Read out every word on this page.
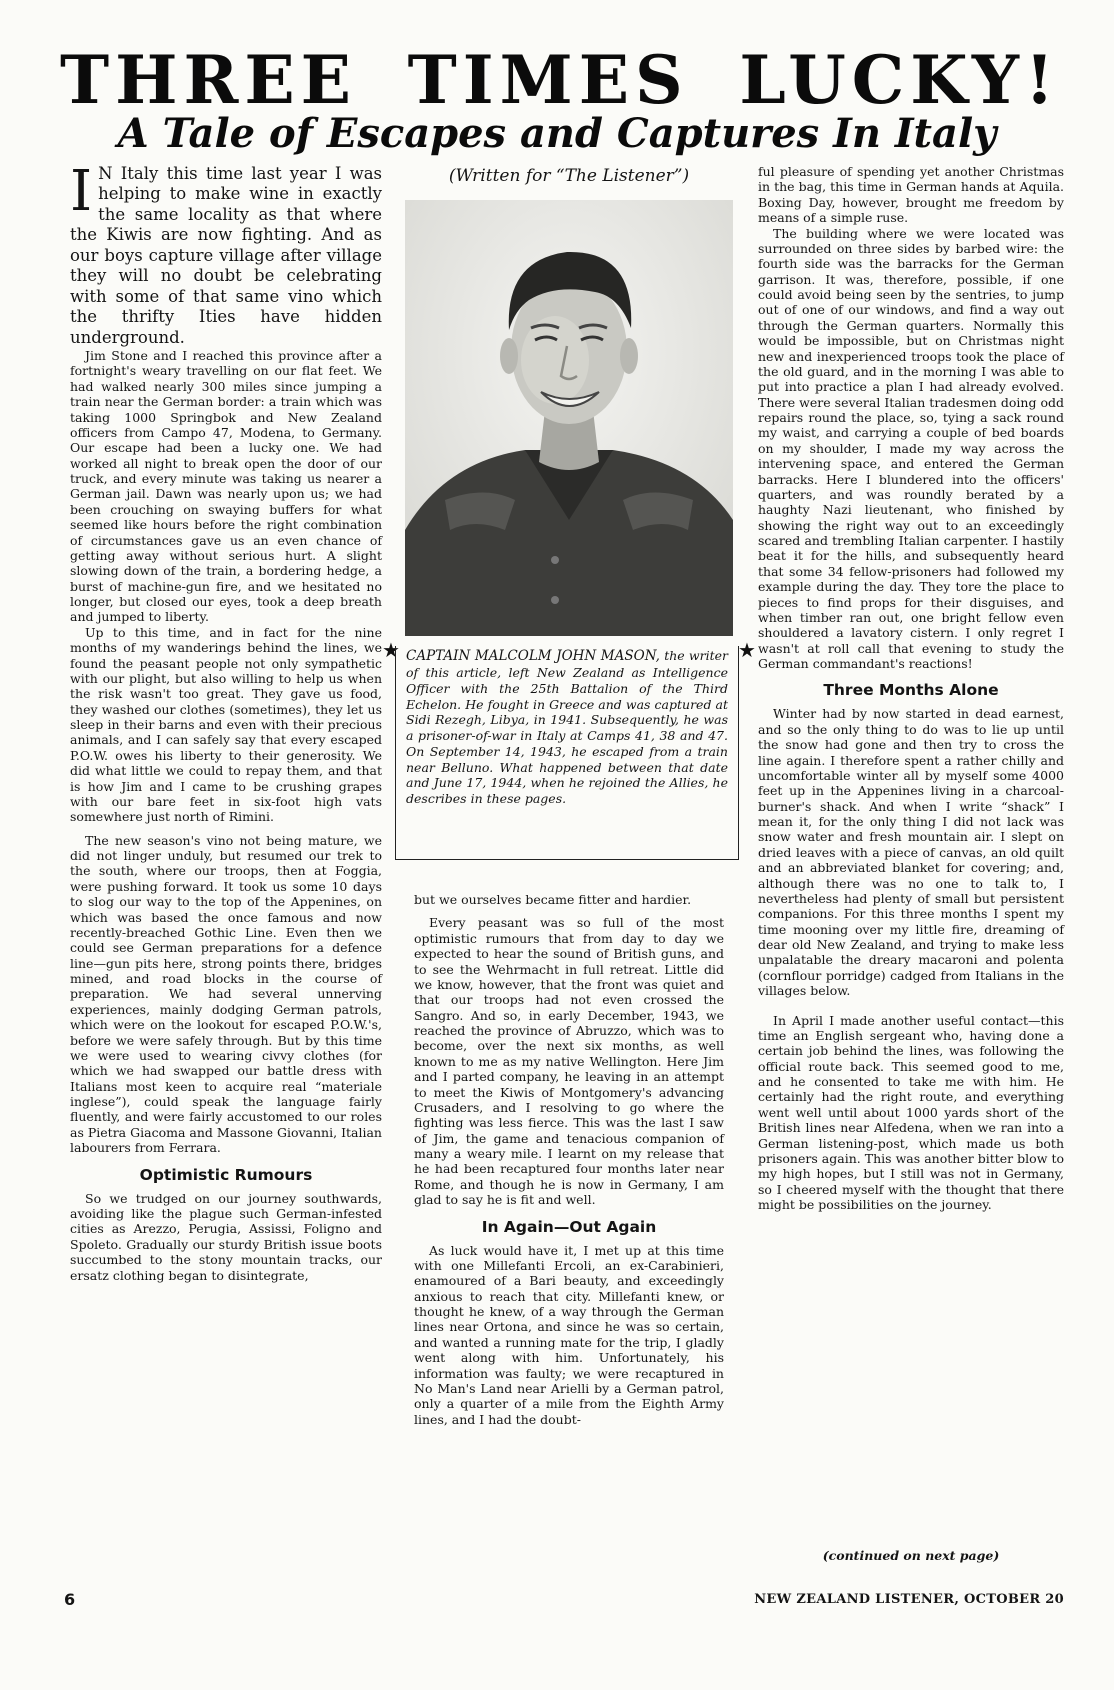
THREE TIMES LUCKY!
A Tale of Escapes and Captures In Italy

I N Italy this time last year I was helping to make wine in exactly the same locality as that where the Kiwis are now fighting. And as our boys capture village after village they will no doubt be celebrating with some of that same vino which the thrifty Ities have hidden underground.

Jim Stone and I reached this province after a fortnight's weary travelling on our flat feet. We had walked nearly 300 miles since jumping a train near the German border: a train which was taking 1000 Springbok and New Zealand officers from Campo 47, Modena, to Germany. Our escape had been a lucky one. We had worked all night to break open the door of our truck, and every minute was taking us nearer a German jail. Dawn was nearly upon us; we had been crouching on swaying buffers for what seemed like hours before the right combination of circumstances gave us an even chance of getting away without serious hurt. A slight slowing down of the train, a bordering hedge, a burst of machine-gun fire, and we hesitated no longer, but closed our eyes, took a deep breath and jumped to liberty.

Up to this time, and in fact for the nine months of my wanderings behind the lines, we found the peasant people not only sympathetic with our plight, but also willing to help us when the risk wasn't too great. They gave us food, they washed our clothes (sometimes), they let us sleep in their barns and even with their precious animals, and I can safely say that every escaped P.O.W. owes his liberty to their generosity. We did what little we could to repay them, and that is how Jim and I came to be crushing grapes with our bare feet in six-foot high vats somewhere just north of Rimini.

The new season's vino not being mature, we did not linger unduly, but resumed our trek to the south, where our troops, then at Foggia, were pushing forward. It took us some 10 days to slog our way to the top of the Appenines, on which was based the once famous and now recently-breached Gothic Line. Even then we could see German preparations for a defence line—gun pits here, strong points there, bridges mined, and road blocks in the course of preparation. We had several unnerving experiences, mainly dodging German patrols, which were on the lookout for escaped P.O.W.'s, before we were safely through. But by this time we were used to wearing civvy clothes (for which we had swapped our battle dress with Italians most keen to acquire real “materiale inglese”), could speak the language fairly fluently, and were fairly accustomed to our roles as Pietra Giacoma and Massone Giovanni, Italian labourers from Ferrara.

Optimistic Rumours

So we trudged on our journey southwards, avoiding like the plague such German-infested cities as Arezzo, Perugia, Assissi, Foligno and Spoleto. Gradually our sturdy British issue boots succumbed to the stony mountain tracks, our ersatz clothing began to disintegrate,

(Written for “The Listener”)
★	★
CAPTAIN MALCOLM JOHN MASON, the writer of this article, left New Zealand as Intelligence Officer with the 25th Battalion of the Third Echelon. He fought in Greece and was captured at Sidi Rezegh, Libya, in 1941. Subsequently, he was a prisoner-of-war in Italy at Camps 41, 38 and 47. On September 14, 1943, he escaped from a train near Belluno. What happened between that date and June 17, 1944, when he rejoined the Allies, he describes in these pages.

but we ourselves became fitter and hardier.

Every peasant was so full of the most optimistic rumours that from day to day we expected to hear the sound of British guns, and to see the Wehrmacht in full retreat. Little did we know, however, that the front was quiet and that our troops had not even crossed the Sangro. And so, in early December, 1943, we reached the province of Abruzzo, which was to become, over the next six months, as well known to me as my native Wellington. Here Jim and I parted company, he leaving in an attempt to meet the Kiwis of Montgomery's advancing Crusaders, and I resolving to go where the fighting was less fierce. This was the last I saw of Jim, the game and tenacious companion of many a weary mile. I learnt on my release that he had been recaptured four months later near Rome, and though he is now in Germany, I am glad to say he is fit and well.

In Again—Out Again

As luck would have it, I met up at this time with one Millefanti Ercoli, an ex-Carabinieri, enamoured of a Bari beauty, and exceedingly anxious to reach that city. Millefanti knew, or thought he knew, of a way through the German lines near Ortona, and since he was so certain, and wanted a running mate for the trip, I gladly went along with him. Unfortunately, his information was faulty; we were recaptured in No Man's Land near Arielli by a German patrol, only a quarter of a mile from the Eighth Army lines, and I had the doubt-

ful pleasure of spending yet another Christmas in the bag, this time in German hands at Aquila. Boxing Day, however, brought me freedom by means of a simple ruse.

The building where we were located was surrounded on three sides by barbed wire: the fourth side was the barracks for the German garrison. It was, therefore, possible, if one could avoid being seen by the sentries, to jump out of one of our windows, and find a way out through the German quarters. Normally this would be impossible, but on Christmas night new and inexperienced troops took the place of the old guard, and in the morning I was able to put into practice a plan I had already evolved. There were several Italian tradesmen doing odd repairs round the place, so, tying a sack round my waist, and carrying a couple of bed boards on my shoulder, I made my way across the intervening space, and entered the German barracks. Here I blundered into the officers' quarters, and was roundly berated by a haughty Nazi lieutenant, who finished by showing the right way out to an exceedingly scared and trembling Italian carpenter. I hastily beat it for the hills, and subsequently heard that some 34 fellow-prisoners had followed my example during the day. They tore the place to pieces to find props for their disguises, and when timber ran out, one bright fellow even shouldered a lavatory cistern. I only regret I wasn't at roll call that evening to study the German commandant's reactions!

Three Months Alone

Winter had by now started in dead earnest, and so the only thing to do was to lie up until the snow had gone and then try to cross the line again. I therefore spent a rather chilly and uncomfortable winter all by myself some 4000 feet up in the Appenines living in a charcoal-burner's shack. And when I write “shack” I mean it, for the only thing I did not lack was snow water and fresh mountain air. I slept on dried leaves with a piece of canvas, an old quilt and an abbreviated blanket for covering; and, although there was no one to talk to, I nevertheless had plenty of small but persistent companions. For this three months I spent my time mooning over my little fire, dreaming of dear old New Zealand, and trying to make less unpalatable the dreary macaroni and polenta (cornflour porridge) cadged from Italians in the villages below.

In April I made another useful contact—this time an English sergeant who, having done a certain job behind the lines, was following the official route back. This seemed good to me, and he consented to take me with him. He certainly had the right route, and everything went well until about 1000 yards short of the British lines near Alfedena, when we ran into a German listening-post, which made us both prisoners again. This was another bitter blow to my high hopes, but I still was not in Germany, so I cheered myself with the thought that there might be possibilities on the journey.

(continued on next page)
6	NEW ZEALAND LISTENER, OCTOBER 20
